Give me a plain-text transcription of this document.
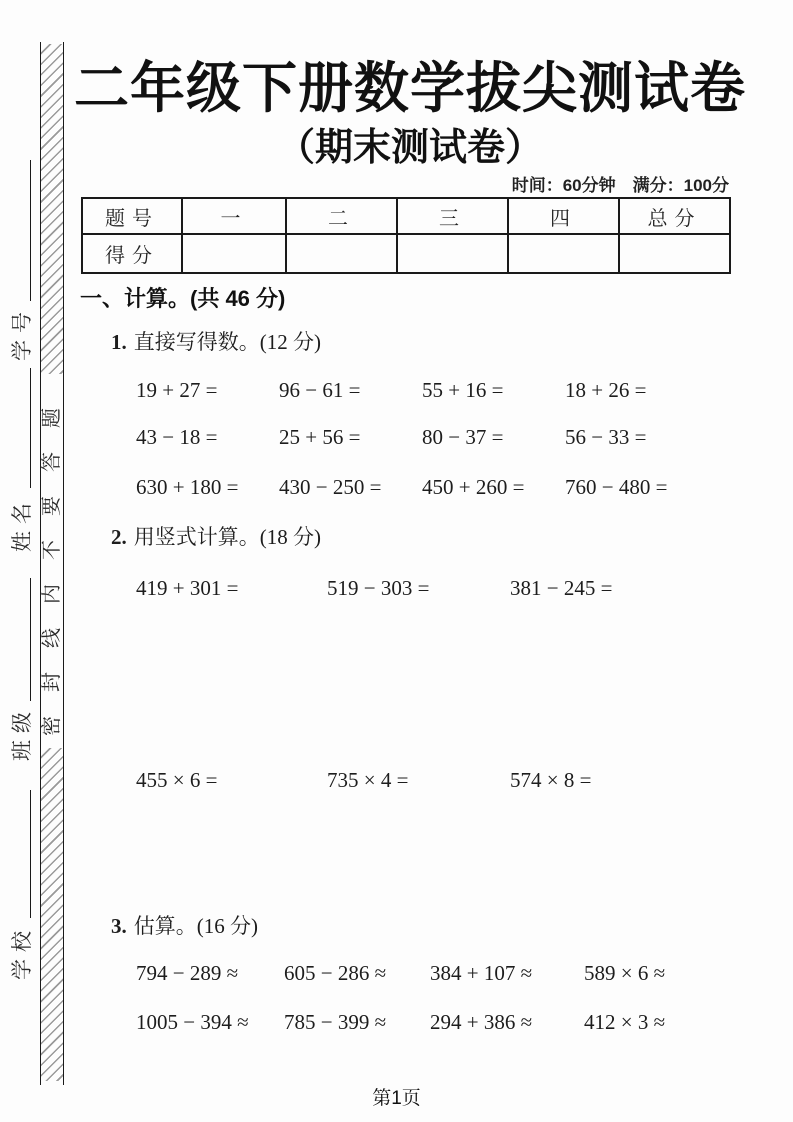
学号
姓名
班级
学校
密封线内不要答题
二年级下册数学拔尖测试卷
（期末测试卷）
时间：60分钟　满分：100分
题号	一	二	三	四	总分
得分					
一、计算。(共 46 分)
1. 直接写得数。(12 分)
19 + 27 =	96 − 61 =	55 + 16 =	18 + 26 =
43 − 18 =	25 + 56 =	80 − 37 =	56 − 33 =
630 + 180 = 430 − 250 = 450 + 260 = 760 − 480 =
2. 用竖式计算。(18 分)
419 + 301 =	519 − 303 =	381 − 245 =
455 × 6 =	735 × 4 =	574 × 8 =
3. 估算。(16 分)
794 − 289 ≈ 605 − 286 ≈ 384 + 107 ≈ 589 × 6 ≈
1005 − 394 ≈ 785 − 399 ≈ 294 + 386 ≈ 412 × 3 ≈
第1页
